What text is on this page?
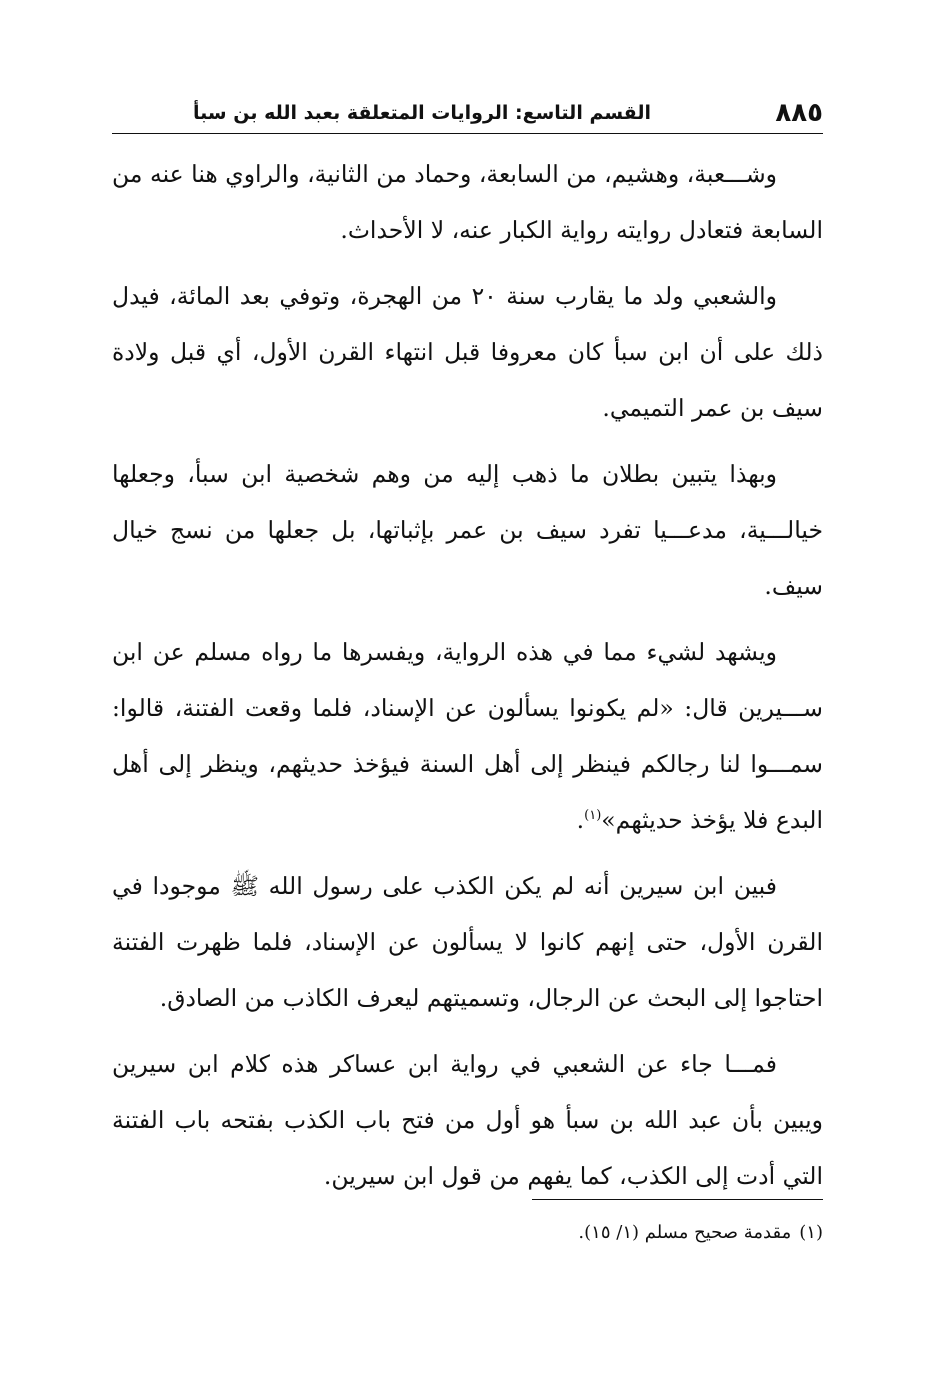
٨٨٥
القسم التاسع: الروايات المتعلقة بعبد الله بن سبأ

وشـــعبة، وهشيم، من السابعة، وحماد من الثانية، والراوي هنا عنه من السابعة فتعادل روايته رواية الكبار عنه، لا الأحداث.

والشعبي ولد ما يقارب سنة ٢٠ من الهجرة، وتوفي بعد المائة، فيدل ذلك على أن ابن سبأ كان معروفا قبل انتهاء القرن الأول، أي قبل ولادة سيف بن عمر التميمي.

وبهذا يتبين بطلان ما ذهب إليه من وهم شخصية ابن سبأ، وجعلها خيالـــية، مدعـــيا تفرد سيف بن عمر بإثباتها، بل جعلها من نسج خيال سيف.

ويشهد لشيء مما في هذه الرواية، ويفسرها ما رواه مسلم عن ابن ســـيرين قال: «لم يكونوا يسألون عن الإسناد، فلما وقعت الفتنة، قالوا: سمـــوا لنا رجالكم فينظر إلى أهل السنة فيؤخذ حديثهم، وينظر إلى أهل البدع فلا يؤخذ حديثهم»$^{(١)}$.

فبين ابن سيرين أنه لم يكن الكذب على رسول الله ﷺ موجودا في القرن الأول، حتى إنهم كانوا لا يسألون عن الإسناد، فلما ظهرت الفتنة احتاجوا إلى البحث عن الرجال، وتسميتهم ليعرف الكاذب من الصادق.

فمـــا جاء عن الشعبي في رواية ابن عساكر هذه كلام ابن سيرين ويبين بأن عبد الله بن سبأ هو أول من فتح باب الكذب بفتحه باب الفتنة التي أدت إلى الكذب، كما يفهم من قول ابن سيرين.

(١)مقدمة صحيح مسلم (١/ ١٥).
